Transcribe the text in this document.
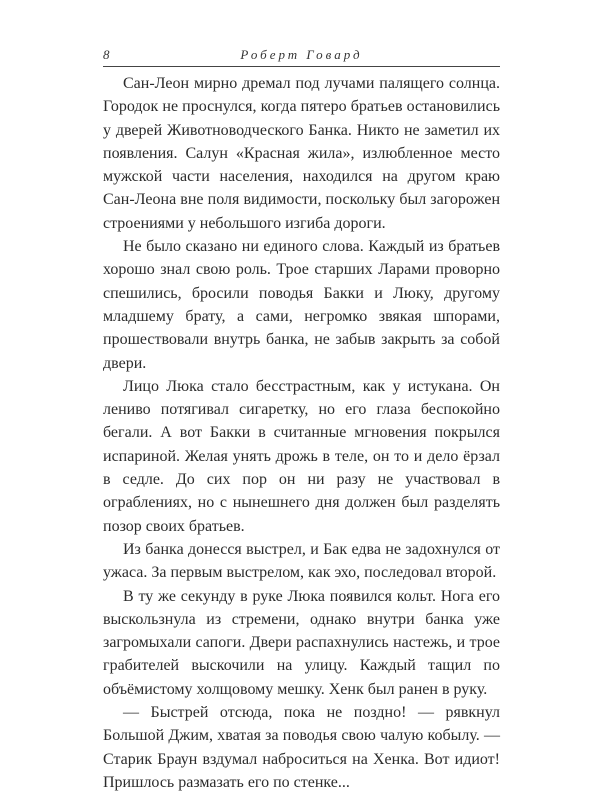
8	Роберт Говард

Сан-Леон мирно дремал под лучами палящего солнца. Городок не проснулся, когда пятеро братьев остановились у дверей Животноводческого Банка. Никто не заметил их появления. Салун «Красная жила», излюбленное место мужской части населения, находился на другом краю Сан-Леона вне поля видимости, поскольку был загорожен строениями у небольшого изгиба дороги.

Не было сказано ни единого слова. Каждый из братьев хорошо знал свою роль. Трое старших Ларами проворно спешились, бросили поводья Бакки и Люку, другому младшему брату, а сами, негромко звякая шпорами, прошествовали внутрь банка, не забыв закрыть за собой двери.

Лицо Люка стало бесстрастным, как у истукана. Он лениво потягивал сигаретку, но его глаза беспокойно бегали. А вот Бакки в считанные мгновения покрылся испариной. Желая унять дрожь в теле, он то и дело ёрзал в седле. До сих пор он ни разу не участвовал в ограблениях, но с нынешнего дня должен был разделять позор своих братьев.

Из банка донесся выстрел, и Бак едва не задохнулся от ужаса. За первым выстрелом, как эхо, последовал второй.

В ту же секунду в руке Люка появился кольт. Нога его выскользнула из стремени, однако внутри банка уже загромыхали сапоги. Двери распахнулись настежь, и трое грабителей выскочили на улицу. Каждый тащил по объёмистому холщовому мешку. Хенк был ранен в руку.

— Быстрей отсюда, пока не поздно! — рявкнул Большой Джим, хватая за поводья свою чалую кобылу. — Старик Браун вздумал наброситься на Хенка. Вот идиот! Пришлось размазать его по стенке...
